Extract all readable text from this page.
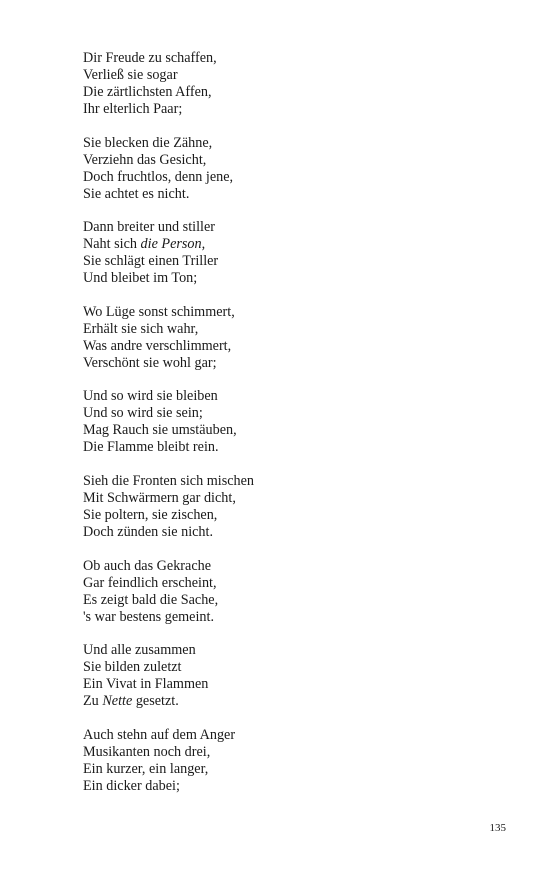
Dir Freude zu schaffen,
Verließ sie sogar
Die zärtlichsten Affen,
Ihr elterlich Paar;
Sie blecken die Zähne,
Verziehn das Gesicht,
Doch fruchtlos, denn jene,
Sie achtet es nicht.
Dann breiter und stiller
Naht sich die Person,
Sie schlägt einen Triller
Und bleibet im Ton;
Wo Lüge sonst schimmert,
Erhält sie sich wahr,
Was andre verschlimmert,
Verschönt sie wohl gar;
Und so wird sie bleiben
Und so wird sie sein;
Mag Rauch sie umstäuben,
Die Flamme bleibt rein.
Sieh die Fronten sich mischen
Mit Schwärmern gar dicht,
Sie poltern, sie zischen,
Doch zünden sie nicht.
Ob auch das Gekrache
Gar feindlich erscheint,
Es zeigt bald die Sache,
's war bestens gemeint.
Und alle zusammen
Sie bilden zuletzt
Ein Vivat in Flammen
Zu Nette gesetzt.
Auch stehn auf dem Anger
Musikanten noch drei,
Ein kurzer, ein langer,
Ein dicker dabei;
135
